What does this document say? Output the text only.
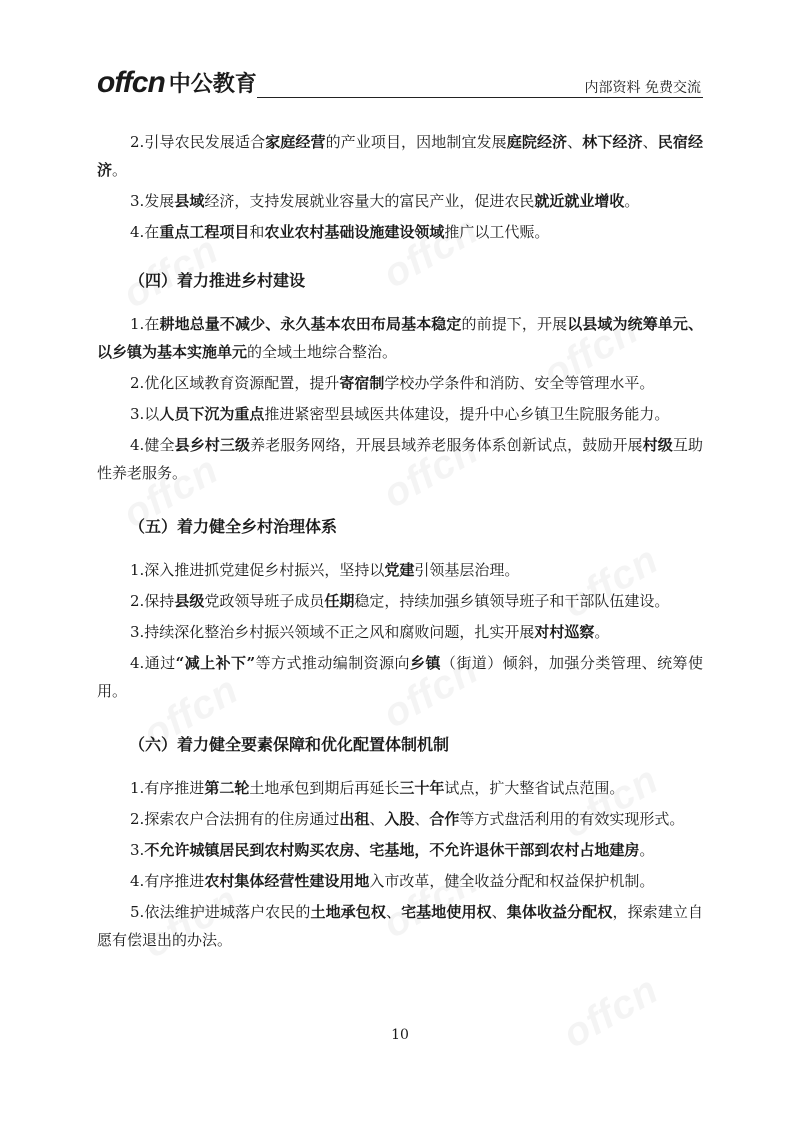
offcn 中公教育	内部资料 免费交流

2.引导农民发展适合家庭经营的产业项目，因地制宜发展庭院经济、林下经济、民宿经济。

3.发展县域经济，支持发展就业容量大的富民产业，促进农民就近就业增收。

4.在重点工程项目和农业农村基础设施建设领域推广以工代赈。

（四）着力推进乡村建设

1.在耕地总量不减少、永久基本农田布局基本稳定的前提下，开展以县域为统筹单元、以乡镇为基本实施单元的全域土地综合整治。

2.优化区域教育资源配置，提升寄宿制学校办学条件和消防、安全等管理水平。

3.以人员下沉为重点推进紧密型县域医共体建设，提升中心乡镇卫生院服务能力。

4.健全县乡村三级养老服务网络，开展县域养老服务体系创新试点，鼓励开展村级互助性养老服务。

（五）着力健全乡村治理体系

1.深入推进抓党建促乡村振兴，坚持以党建引领基层治理。

2.保持县级党政领导班子成员任期稳定，持续加强乡镇领导班子和干部队伍建设。

3.持续深化整治乡村振兴领域不正之风和腐败问题，扎实开展对村巡察。

4.通过“减上补下”等方式推动编制资源向乡镇（街道）倾斜，加强分类管理、统筹使用。

（六）着力健全要素保障和优化配置体制机制

1.有序推进第二轮土地承包到期后再延长三十年试点，扩大整省试点范围。

2.探索农户合法拥有的住房通过出租、入股、合作等方式盘活利用的有效实现形式。

3.不允许城镇居民到农村购买农房、宅基地，不允许退休干部到农村占地建房。

4.有序推进农村集体经营性建设用地入市改革，健全收益分配和权益保护机制。

5.依法维护进城落户农民的土地承包权、宅基地使用权、集体收益分配权，探索建立自愿有偿退出的办法。

10
